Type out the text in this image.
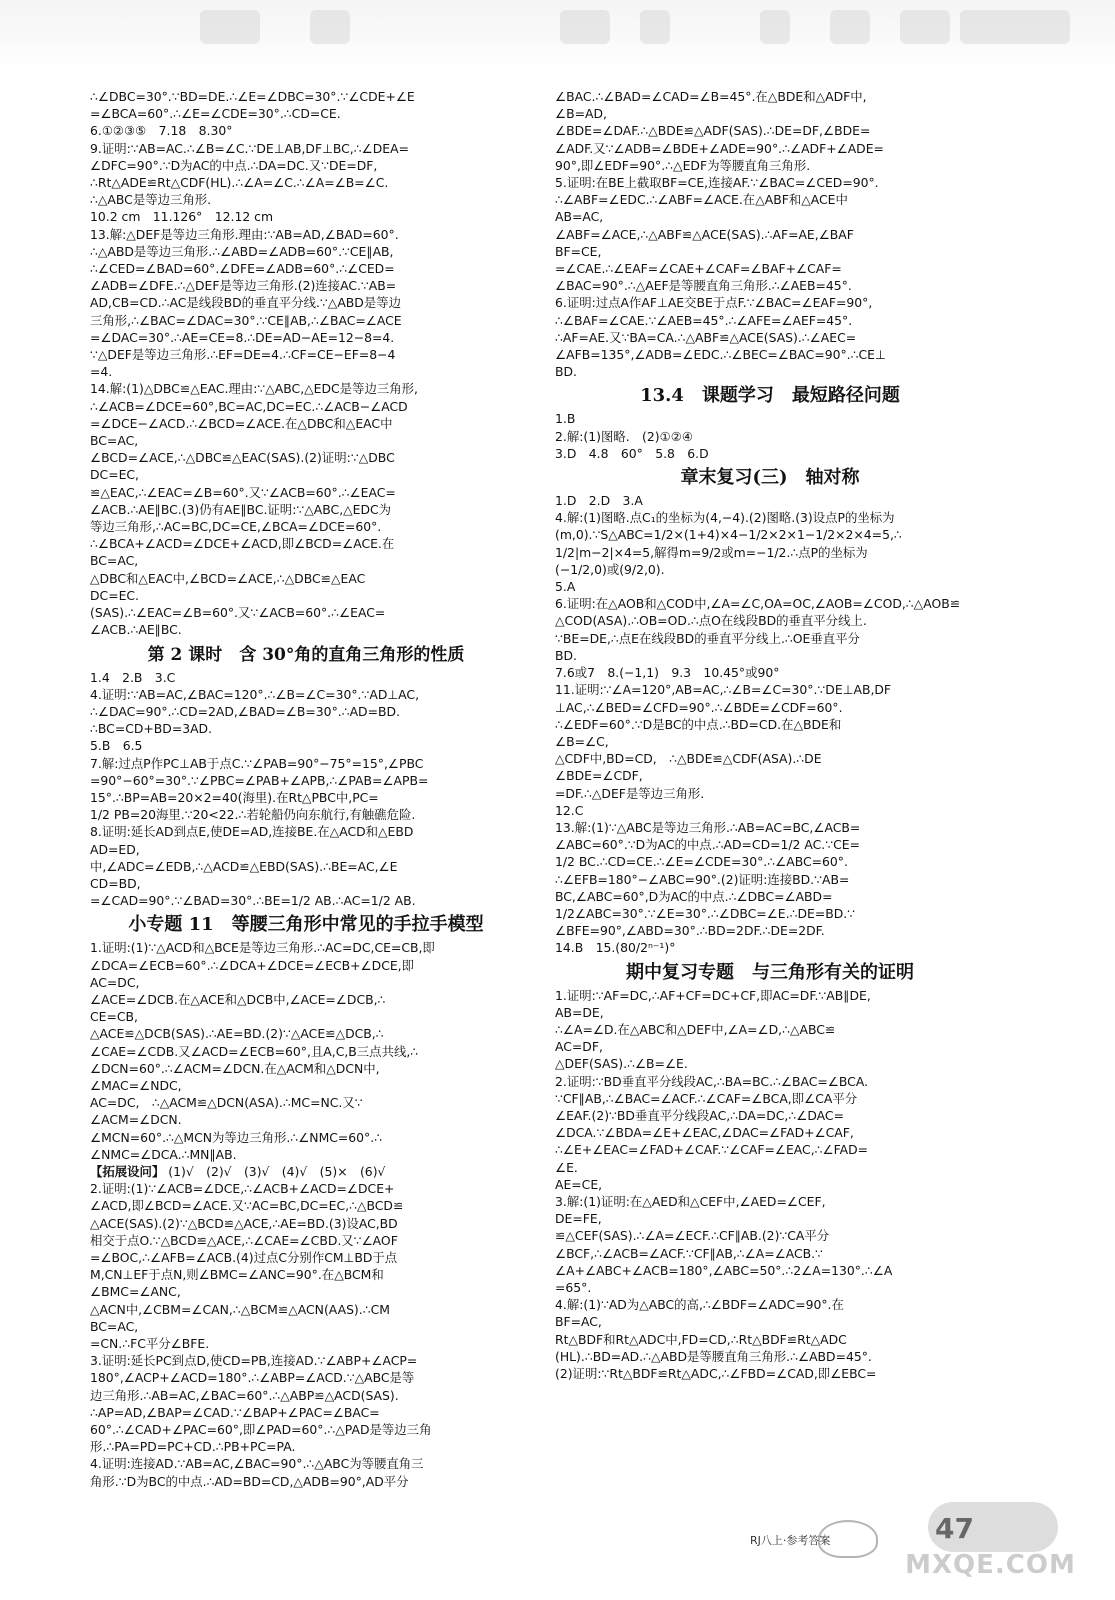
∴∠DBC=30°.∵BD=DE.∴∠E=∠DBC=30°.∵∠CDE+∠E
=∠BCA=60°.∴∠E=∠CDE=30°.∴CD=CE.
6.①②③⑤　7.18　8.30°
9.证明:∵AB=AC.∴∠B=∠C.∵DE⊥AB,DF⊥BC,∴∠DEA=
∠DFC=90°.∵D为AC的中点.∴DA=DC.又∵DE=DF,
∴Rt△ADE≌Rt△CDF(HL).∴∠A=∠C.∴∠A=∠B=∠C.
∴△ABC是等边三角形.
10.2 cm　11.126°　12.12 cm
13.解:△DEF是等边三角形.理由:∵AB=AD,∠BAD=60°.
∴△ABD是等边三角形.∴∠ABD=∠ADB=60°.∵CE∥AB,
∴∠CED=∠BAD=60°.∠DFE=∠ADB=60°.∴∠CED=
∠ADB=∠DFE.∴△DEF是等边三角形.(2)连接AC.∵AB=
AD,CB=CD.∴AC是线段BD的垂直平分线.∵△ABD是等边
三角形,∴∠BAC=∠DAC=30°.∵CE∥AB,∴∠BAC=∠ACE
=∠DAC=30°.∴AE=CE=8.∴DE=AD−AE=12−8=4.
∵△DEF是等边三角形.∴EF=DE=4.∴CF=CE−EF=8−4
=4.
14.解:(1)△DBC≌△EAC.理由:∵△ABC,△EDC是等边三角形,
∴∠ACB=∠DCE=60°,BC=AC,DC=EC.∴∠ACB−∠ACD
=∠DCE−∠ACD.∴∠BCD=∠ACE.在△DBC和△EAC中
BC=AC,
∠BCD=∠ACE,∴△DBC≌△EAC(SAS).(2)证明:∵△DBC
DC=EC,
≌△EAC,∴∠EAC=∠B=60°.又∵∠ACB=60°.∴∠EAC=
∠ACB.∴AE∥BC.(3)仍有AE∥BC.证明:∵△ABC,△EDC为
等边三角形,∴AC=BC,DC=CE,∠BCA=∠DCE=60°.
∴∠BCA+∠ACD=∠DCE+∠ACD,即∠BCD=∠ACE.在
BC=AC,
△DBC和△EAC中,∠BCD=∠ACE,∴△DBC≌△EAC
DC=EC.
(SAS).∴∠EAC=∠B=60°.又∵∠ACB=60°.∴∠EAC=
∠ACB.∴AE∥BC.
第 2 课时　含 30°角的直角三角形的性质
1.4　2.B　3.C
4.证明:∵AB=AC,∠BAC=120°.∴∠B=∠C=30°.∵AD⊥AC,
∴∠DAC=90°.∴CD=2AD,∠BAD=∠B=30°.∴AD=BD.
∴BC=CD+BD=3AD.
5.B　6.5
7.解:过点P作PC⊥AB于点C.∵∠PAB=90°−75°=15°,∠PBC
=90°−60°=30°.∵∠PBC=∠PAB+∠APB,∴∠PAB=∠APB=
15°.∴BP=AB=20×2=40(海里).在Rt△PBC中,PC=
1/2 PB=20海里.∵20<22.∴若轮船仍向东航行,有触礁危险.
8.证明:延长AD到点E,使DE=AD,连接BE.在△ACD和△EBD
AD=ED,
中,∠ADC=∠EDB,∴△ACD≌△EBD(SAS).∴BE=AC,∠E
CD=BD,
=∠CAD=90°.∵∠BAD=30°.∴BE=1/2 AB.∴AC=1/2 AB.
小专题 11　等腰三角形中常见的手拉手模型
1.证明:(1)∵△ACD和△BCE是等边三角形.∴AC=DC,CE=CB,即
∠DCA=∠ECB=60°.∴∠DCA+∠DCE=∠ECB+∠DCE,即
AC=DC,
∠ACE=∠DCB.在△ACE和△DCB中,∠ACE=∠DCB,∴
CE=CB,
△ACE≌△DCB(SAS).∴AE=BD.(2)∵△ACE≌△DCB,∴
∠CAE=∠CDB.又∠ACD=∠ECB=60°,且A,C,B三点共线,∴
∠DCN=60°.∴∠ACM=∠DCN.在△ACM和△DCN中,
∠MAC=∠NDC,
AC=DC,　∴△ACM≌△DCN(ASA).∴MC=NC.又∵
∠ACM=∠DCN.
∠MCN=60°.∴△MCN为等边三角形.∴∠NMC=60°.∴
∠NMC=∠DCA.∴MN∥AB.
【拓展设问】 (1)√　(2)√　(3)√　(4)√　(5)×　(6)√
2.证明:(1)∵∠ACB=∠DCE,∴∠ACB+∠ACD=∠DCE+
∠ACD,即∠BCD=∠ACE.又∵AC=BC,DC=EC,∴△BCD≌
△ACE(SAS).(2)∵△BCD≌△ACE,∴AE=BD.(3)设AC,BD
相交于点O.∵△BCD≌△ACE,∴∠CAE=∠CBD.又∵∠AOF
=∠BOC,∴∠AFB=∠ACB.(4)过点C分别作CM⊥BD于点
M,CN⊥EF于点N,则∠BMC=∠ANC=90°.在△BCM和
∠BMC=∠ANC,
△ACN中,∠CBM=∠CAN,∴△BCM≌△ACN(AAS).∴CM
BC=AC,
=CN.∴FC平分∠BFE.
3.证明:延长PC到点D,使CD=PB,连接AD.∵∠ABP+∠ACP=
180°,∠ACP+∠ACD=180°.∴∠ABP=∠ACD.∵△ABC是等
边三角形.∴AB=AC,∠BAC=60°.∴△ABP≌△ACD(SAS).
∴AP=AD,∠BAP=∠CAD.∵∠BAP+∠PAC=∠BAC=
60°.∴∠CAD+∠PAC=60°,即∠PAD=60°.∴△PAD是等边三角
形.∴PA=PD=PC+CD.∴PB+PC=PA.
4.证明:连接AD.∵AB=AC,∠BAC=90°.∴△ABC为等腰直角三
角形.∵D为BC的中点.∴AD=BD=CD,△ADB=90°,AD平分
∠BAC.∴∠BAD=∠CAD=∠B=45°.在△BDE和△ADF中,
∠B=AD,
∠BDE=∠DAF.∴△BDE≌△ADF(SAS).∴DE=DF,∠BDE=
∠ADF.又∵∠ADB=∠BDE+∠ADE=90°.∴∠ADF+∠ADE=
90°,即∠EDF=90°.∴△EDF为等腰直角三角形.
5.证明:在BE上截取BF=CE,连接AF.∵∠BAC=∠CED=90°.
∴∠ABF=∠EDC.∴∠ABF=∠ACE.在△ABF和△ACE中
AB=AC,
∠ABF=∠ACE,∴△ABF≌△ACE(SAS).∴AF=AE,∠BAF
BF=CE,
=∠CAE.∴∠EAF=∠CAE+∠CAF=∠BAF+∠CAF=
∠BAC=90°.∴△AEF是等腰直角三角形.∴∠AEB=45°.
6.证明:过点A作AF⊥AE交BE于点F.∵∠BAC=∠EAF=90°,
∴∠BAF=∠CAE.∵∠AEB=45°.∴∠AFE=∠AEF=45°.
∴AF=AE.又∵BA=CA.∴△ABF≌△ACE(SAS).∴∠AEC=
∠AFB=135°,∠ADB=∠EDC.∴∠BEC=∠BAC=90°.∴CE⊥
BD.
13.4　课题学习　最短路径问题
1.B
2.解:(1)图略.　(2)①②④
3.D　4.8　60°　5.8　6.D
章末复习(三)　轴对称
1.D　2.D　3.A
4.解:(1)图略.点C₁的坐标为(4,−4).(2)图略.(3)设点P的坐标为
(m,0).∵S△ABC=1/2×(1+4)×4−1/2×2×1−1/2×2×4=5,∴
1/2|m−2|×4=5,解得m=9/2或m=−1/2.∴点P的坐标为
(−1/2,0)或(9/2,0).
5.A
6.证明:在△AOB和△COD中,∠A=∠C,OA=OC,∠AOB=∠COD,∴△AOB≌
△COD(ASA).∴OB=OD.∴点O在线段BD的垂直平分线上.
∵BE=DE,∴点E在线段BD的垂直平分线上.∴OE垂直平分
BD.
7.6或7　8.(−1,1)　9.3　10.45°或90°
11.证明:∵∠A=120°,AB=AC,∴∠B=∠C=30°.∵DE⊥AB,DF
⊥AC,∴∠BED=∠CFD=90°.∴∠BDE=∠CDF=60°.
∴∠EDF=60°.∵D是BC的中点.∴BD=CD.在△BDE和
∠B=∠C,
△CDF中,BD=CD,　∴△BDE≌△CDF(ASA).∴DE
∠BDE=∠CDF,
=DF.∴△DEF是等边三角形.
12.C
13.解:(1)∵△ABC是等边三角形.∴AB=AC=BC,∠ACB=
∠ABC=60°.∵D为AC的中点.∴AD=CD=1/2 AC.∵CE=
1/2 BC.∴CD=CE.∴∠E=∠CDE=30°.∴∠ABC=60°.
∴∠EFB=180°−∠ABC=90°.(2)证明:连接BD.∵AB=
BC,∠ABC=60°,D为AC的中点.∴∠DBC=∠ABD=
1/2∠ABC=30°.∵∠E=30°.∴∠DBC=∠E.∴DE=BD.∵
∠BFE=90°,∠ABD=30°.∴BD=2DF.∴DE=2DF.
14.B　15.(80/2ⁿ⁻¹)°
期中复习专题　与三角形有关的证明
1.证明:∵AF=DC,∴AF+CF=DC+CF,即AC=DF.∵AB∥DE,
AB=DE,
∴∠A=∠D.在△ABC和△DEF中,∠A=∠D,∴△ABC≌
AC=DF,
△DEF(SAS).∴∠B=∠E.
2.证明:∵BD垂直平分线段AC,∴BA=BC.∴∠BAC=∠BCA.
∵CF∥AB,∴∠BAC=∠ACF.∴∠CAF=∠BCA,即∠CA平分
∠EAF.(2)∵BD垂直平分线段AC,∴DA=DC,∴∠DAC=
∠DCA.∵∠BDA=∠E+∠EAC,∠DAC=∠FAD+∠CAF,
∴∠E+∠EAC=∠FAD+∠CAF.∵∠CAF=∠EAC,∴∠FAD=
∠E.
AE=CE,
3.解:(1)证明:在△AED和△CEF中,∠AED=∠CEF,
DE=FE,
≌△CEF(SAS).∴∠A=∠ECF.∴CF∥AB.(2)∵CA平分
∠BCF,∴∠ACB=∠ACF.∵CF∥AB,∴∠A=∠ACB.∵
∠A+∠ABC+∠ACB=180°,∠ABC=50°.∴2∠A=130°.∴∠A
=65°.
4.解:(1)∵AD为△ABC的高,∴∠BDF=∠ADC=90°.在
BF=AC,
Rt△BDF和Rt△ADC中,FD=CD,∴Rt△BDF≌Rt△ADC
(HL).∴BD=AD.∴△ABD是等腰直角三角形.∴∠ABD=45°.
(2)证明:∵Rt△BDF≌Rt△ADC,∴∠FBD=∠CAD,即∠EBC=
RJ八上·参考答案
MXQE.COM
